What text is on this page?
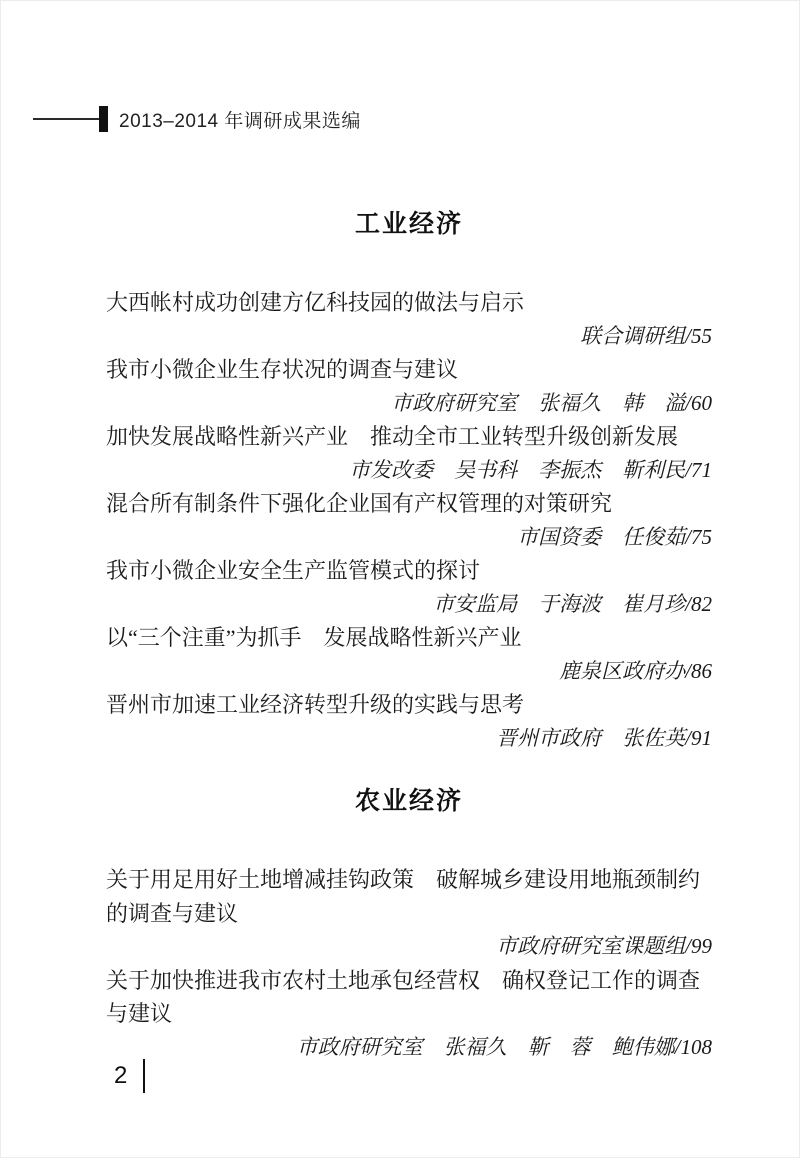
2013–2014 年调研成果选编
工业经济

大西帐村成功创建方亿科技园的做法与启示

联合调研组/55

我市小微企业生存状况的调查与建议

市政府研究室　张福久　韩　溢/60

加快发展战略性新兴产业　推动全市工业转型升级创新发展

市发改委　吴书科　李振杰　靳利民/71

混合所有制条件下强化企业国有产权管理的对策研究

市国资委　任俊茹/75

我市小微企业安全生产监管模式的探讨

市安监局　于海波　崔月珍/82

以“三个注重”为抓手　发展战略性新兴产业

鹿泉区政府办/86

晋州市加速工业经济转型升级的实践与思考

晋州市政府　张佐英/91

农业经济

关于用足用好土地增减挂钩政策　破解城乡建设用地瓶颈制约的调查与建议

市政府研究室课题组/99

关于加快推进我市农村土地承包经营权　确权登记工作的调查与建议

市政府研究室　张福久　靳　蓉　鲍伟娜/108

2
